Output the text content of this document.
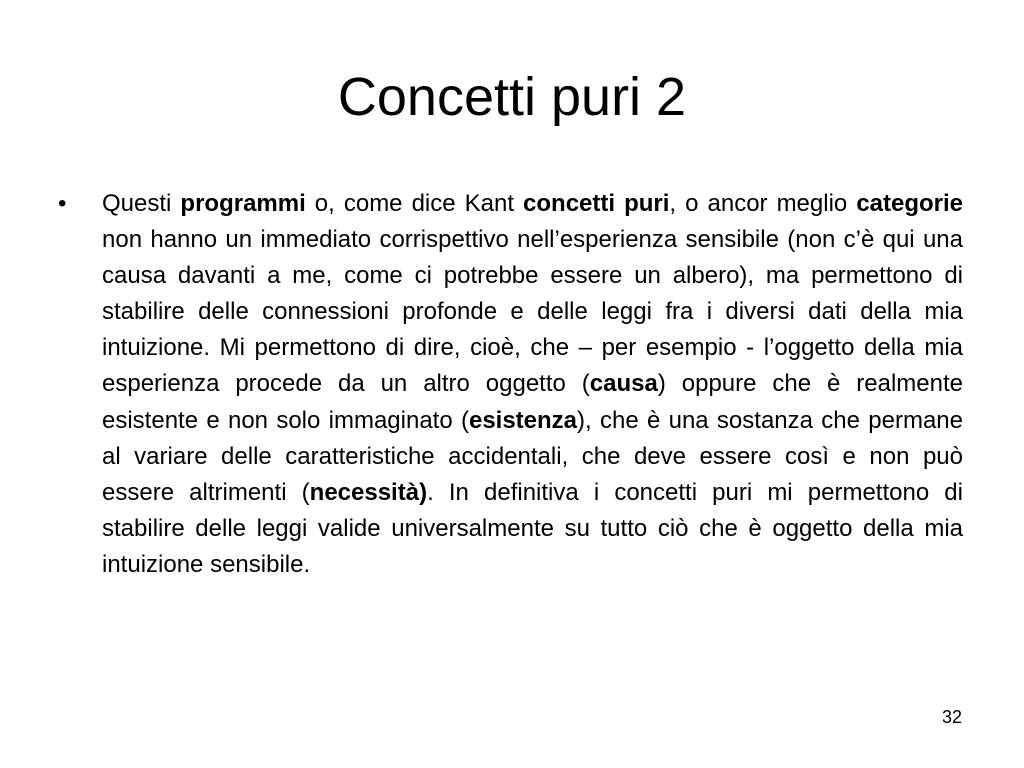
Concetti puri 2
• Questi programmi o, come dice Kant concetti puri, o ancor meglio categorie non hanno un immediato corrispettivo nell’esperienza sensibile (non c’è qui una causa davanti a me, come ci potrebbe essere un albero), ma permettono di stabilire delle connessioni profonde e delle leggi fra i diversi dati della mia intuizione. Mi permettono di dire, cioè, che – per esempio - l’oggetto della mia esperienza procede da un altro oggetto (causa) oppure che è realmente esistente e non solo immaginato (esistenza), che è una sostanza che permane al variare delle caratteristiche accidentali, che deve essere così e non può essere altrimenti (necessità). In definitiva i concetti puri mi permettono di stabilire delle leggi valide universalmente su tutto ciò che è oggetto della mia intuizione sensibile.
32
